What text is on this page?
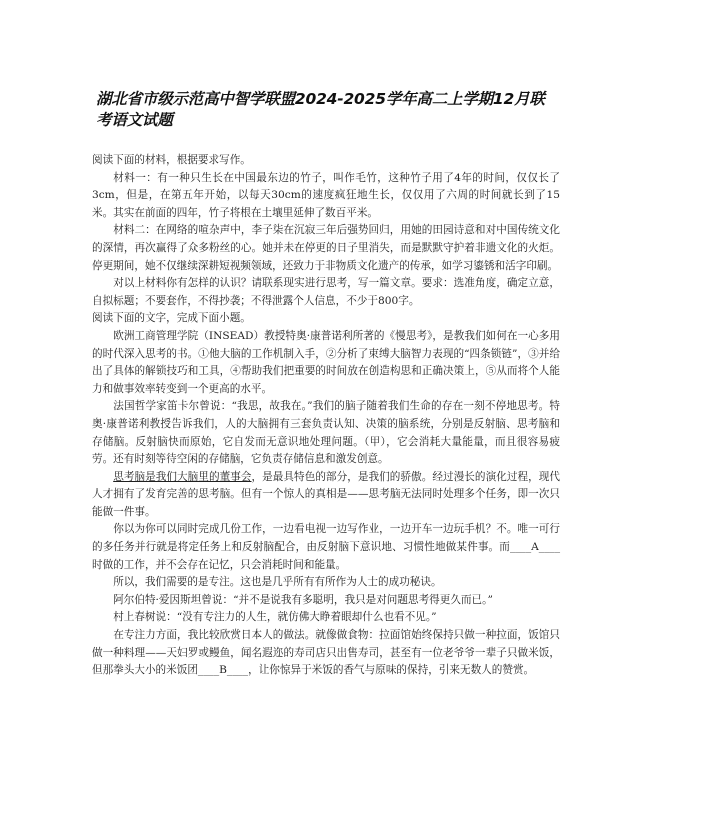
湖北省市级示范高中智学联盟2024-2025学年高二上学期12月联考语文试题

阅读下面的材料，根据要求写作。

材料一：有一种只生长在中国最东边的竹子，叫作毛竹，这种竹子用了4年的时间，仅仅长了3cm，但是，在第五年开始，以每天30cm的速度疯狂地生长，仅仅用了六周的时间就长到了15米。其实在前面的四年，竹子将根在土壤里延伸了数百平米。

材料二：在网络的喧杂声中，李子柒在沉寂三年后强势回归，用她的田园诗意和对中国传统文化的深情，再次赢得了众多粉丝的心。她并未在停更的日子里消失，而是默默守护着非遗文化的火炬。停更期间，她不仅继续深耕短视频领域，还致力于非物质文化遗产的传承，如学习鎏锈和活字印刷。

对以上材料你有怎样的认识？请联系现实进行思考，写一篇文章。要求：选准角度，确定立意，自拟标题；不要套作，不得抄袭；不得泄露个人信息，不少于800字。

阅读下面的文字，完成下面小题。

欧洲工商管理学院（INSEAD）教授特奥·康普诺利所著的《慢思考》，是教我们如何在一心多用的时代深入思考的书。①他大脑的工作机制入手，②分析了束缚大脑智力表现的“四条锁链”，③并给出了具体的解锁技巧和工具，④帮助我们把重要的时间放在创造构思和正确决策上，⑤从而将个人能力和做事效率转变到一个更高的水平。

法国哲学家笛卡尔曾说：“我思，故我在。”我们的脑子随着我们生命的存在一刻不停地思考。特奥·康普诺利教授告诉我们，人的大脑拥有三套负责认知、决策的脑系统，分别是反射脑、思考脑和存储脑。反射脑快而原始，它自发而无意识地处理问题。（甲），它会消耗大量能量，而且很容易疲劳。还有时刻等待空闲的存储脑，它负责存储信息和激发创意。

思考脑是我们大脑里的董事会，是最具特色的部分，是我们的骄傲。经过漫长的演化过程，现代人才拥有了发育完善的思考脑。但有一个惊人的真相是——思考脑无法同时处理多个任务，即一次只能做一件事。

你以为你可以同时完成几份工作，一边看电视一边写作业，一边开车一边玩手机？不。唯一可行的多任务并行就是将定任务上和反射脑配合，由反射脑下意识地、习惯性地做某件事。而____A____时做的工作，并不会存在记忆，只会消耗时间和能量。

所以，我们需要的是专注。这也是几乎所有有所作为人士的成功秘诀。

阿尔伯特·爱因斯坦曾说：“并不是说我有多聪明，我只是对问题思考得更久而已。”

村上春树说：“没有专注力的人生，就仿佛大睁着眼却什么也看不见。”

在专注力方面，我比较欣赏日本人的做法。就像做食物：拉面馆始终保持只做一种拉面，饭馆只做一种料理——天妇罗或鳗鱼，闻名遐迩的寿司店只出售寿司，甚至有一位老爷爷一辈子只做米饭，但那拳头大小的米饭团____B____，让你惊异于米饭的香气与原味的保持，引来无数人的赞赏。
